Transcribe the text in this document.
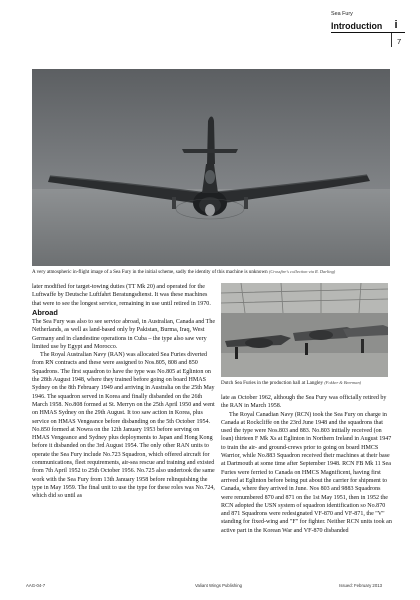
Sea Fury
Introduction	i
7
A very atmospheric in-flight image of a Sea Fury in the initial scheme, sadly the identity of this machine is unknown (Crossfire's collection via R. Darling)

later modified for target-towing duties (TT Mk 20) and operated for the Luftwaffe by Deutsche Luftfahrt Beratungsdienst. It was these machines that were to see the longest service, remaining in use until retired in 1970.

Abroad

The Sea Fury was also to see service abroad, in Australian, Canada and The Netherlands, as well as land-based only by Pakistan, Burma, Iraq, West Germany and in clandestine operations in Cuba – the type also saw very limited use by Egypt and Morocco.

The Royal Australian Navy (RAN) was allocated Sea Furies diverted from RN contracts and these were assigned to Nos.805, 808 and 850 Squadrons. The first squadron to have the type was No.805 at Eglinton on the 28th August 1948, where they trained before going on board HMAS Sydney on the 8th February 1949 and arriving in Australia on the 25th May 1946. The squadron served in Korea and finally disbanded on the 26th March 1958. No.808 formed at St. Merryn on the 25th April 1950 and went on HMAS Sydney on the 29th August. It too saw action in Korea, plus service on HMAS Vengeance before disbanding on the 5th October 1954. No.850 formed at Nowra on the 12th January 1953 before serving on HMAS Vengeance and Sydney plus deployments to Japan and Hong Kong before it disbanded on the 3rd August 1954. The only other RAN units to operate the Sea Fury include No.723 Squadron, which offered aircraft for communications, fleet requirements, air-sea rescue and training and existed from 7th April 1952 to 25th October 1956. No.725 also undertook the same work with the Sea Fury from 13th January 1958 before relinquishing the type in May 1959. The final unit to use the type for these roles was No.724, which did so until as

Dutch Sea Furies in the production hall at Langley (Fokker & Beerman)

late as October 1962, although the Sea Fury was officially retired by the RAN in March 1958.

The Royal Canadian Navy (RCN) took the Sea Fury on charge in Canada at Rockcliffe on the 23rd June 1948 and the squadrons that used the type were Nos.803 and 883. No.803 initially received (on loan) thirteen F Mk Xs at Eglinton in Northern Ireland in August 1947 to train the air- and ground-crews prior to going on board HMCS Warrior, while No.883 Squadron received their machines at their base at Dartmouth at some time after September 1948. RCN FB Mk 11 Sea Furies were ferried to Canada on HMCS Magnificent, having first arrived at Eglinton before being put about the carrier for shipment to Canada, where they arrived in June. Nos 803 and 9883 Squadrons were renumbered 870 and 871 on the 1st May 1951, then in 1952 the RCN adopted the USN system of squadron identification so No.870 and 871 Squadrons were redesignated VF-870 and VF-871, the "V" standing for fixed-wing and "F" for fighter. Neither RCN units took an active part in the Korean War and VF-870 disbanded

AAG-04-7	Valiant Wings Publishing	Issued: February 2013
